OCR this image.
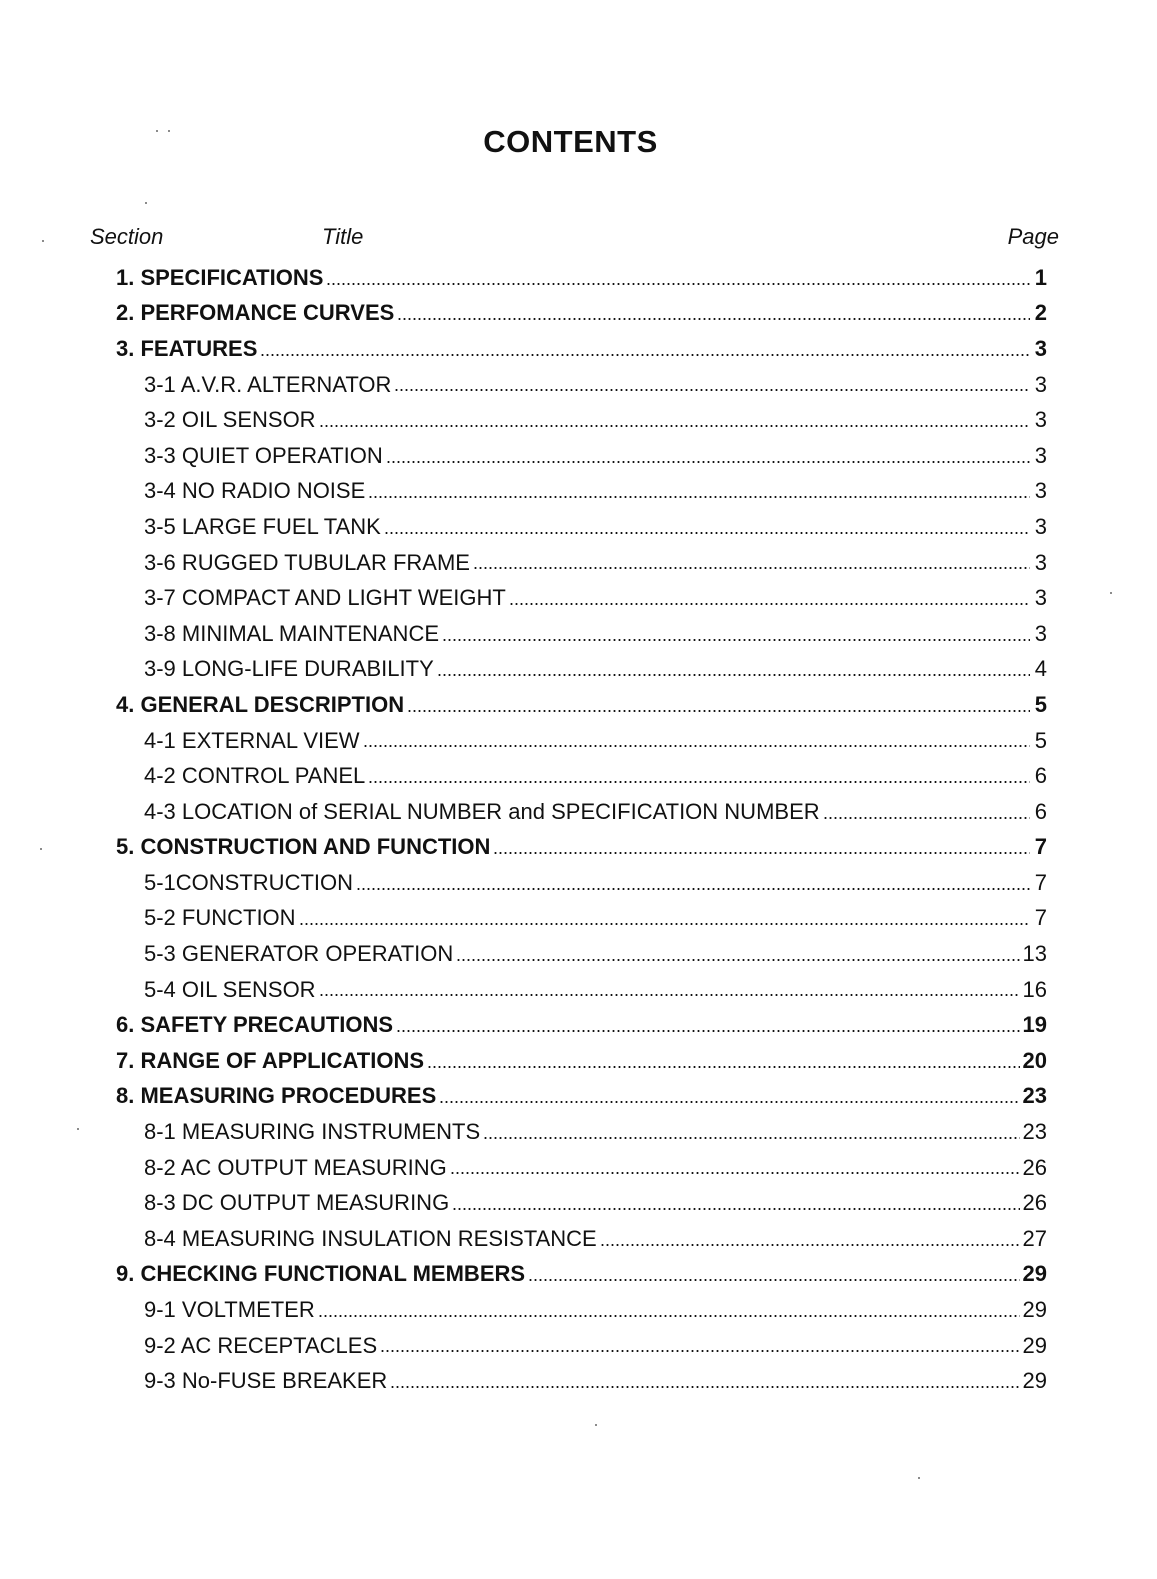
CONTENTS
Section	Title	Page
1. SPECIFICATIONS	1
2. PERFOMANCE CURVES	2
3. FEATURES	3
3-1 A.V.R. ALTERNATOR	3
3-2 OIL SENSOR	3
3-3 QUIET OPERATION	3
3-4 NO RADIO NOISE	3
3-5 LARGE FUEL TANK	3
3-6 RUGGED TUBULAR FRAME	3
3-7 COMPACT AND LIGHT WEIGHT	3
3-8 MINIMAL MAINTENANCE	3
3-9 LONG-LIFE DURABILITY	4
4. GENERAL DESCRIPTION	5
4-1 EXTERNAL VIEW	5
4-2 CONTROL PANEL	6
4-3 LOCATION of SERIAL NUMBER and SPECIFICATION NUMBER	6
5. CONSTRUCTION AND FUNCTION	7
5-1CONSTRUCTION	7
5-2 FUNCTION	7
5-3 GENERATOR OPERATION	13
5-4 OIL SENSOR	16
6. SAFETY PRECAUTIONS	19
7. RANGE OF APPLICATIONS	20
8. MEASURING PROCEDURES	23
8-1 MEASURING INSTRUMENTS	23
8-2 AC OUTPUT MEASURING	26
8-3 DC OUTPUT MEASURING	26
8-4 MEASURING INSULATION RESISTANCE	27
9. CHECKING FUNCTIONAL MEMBERS	29
9-1 VOLTMETER	29
9-2 AC RECEPTACLES	29
9-3 No-FUSE BREAKER	29
